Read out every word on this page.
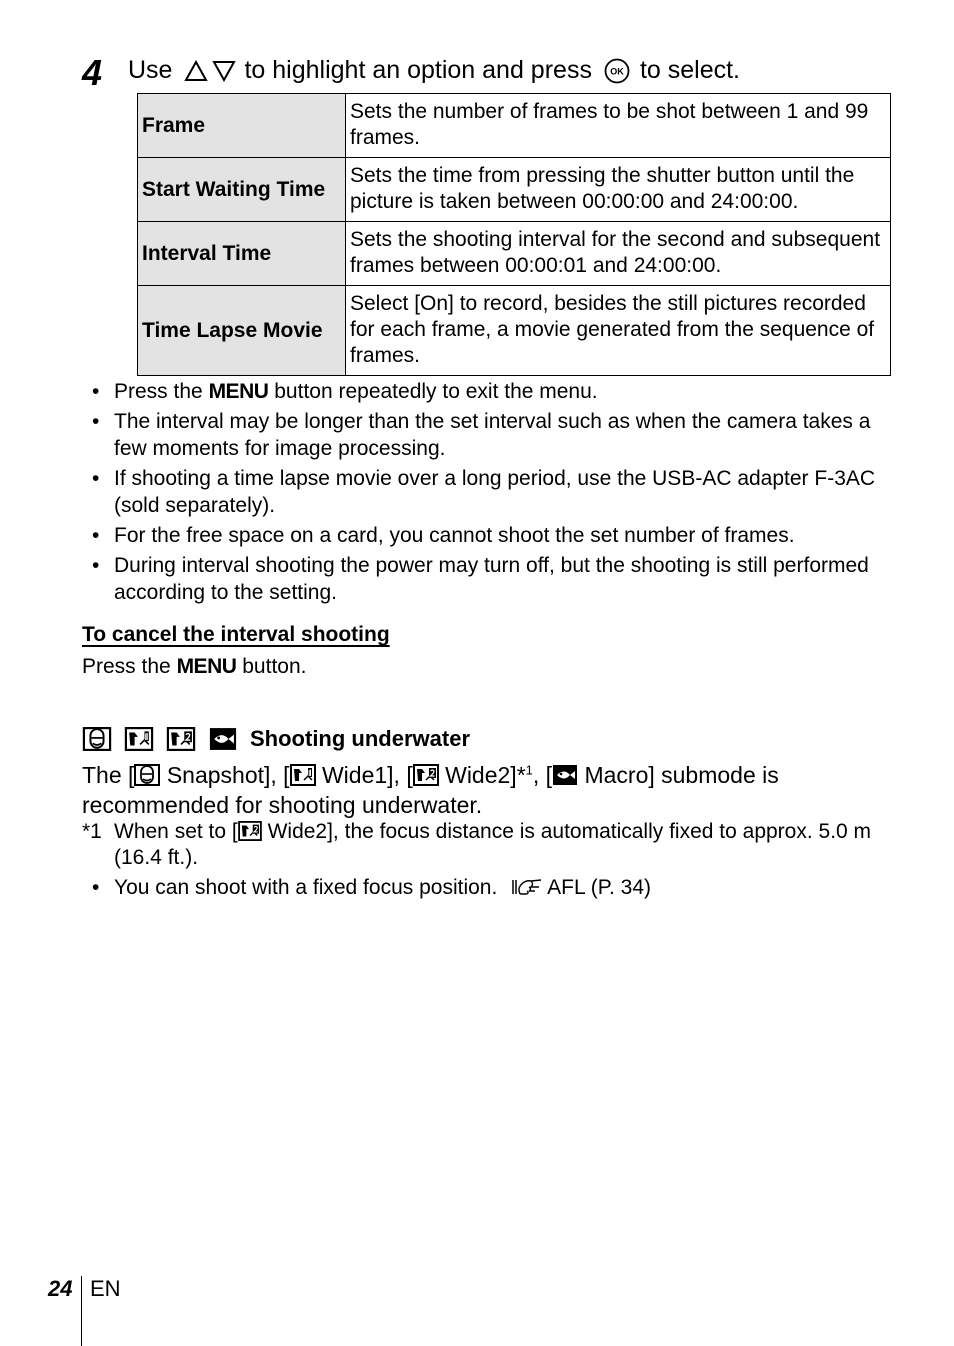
4 Use	to highlight an option and press OK to select.
Frame	Sets the number of frames to be shot between 1 and 99 frames.
Start Waiting Time	Sets the time from pressing the shutter button until the picture is taken between 00:00:00 and 24:00:00.
Interval Time	Sets the shooting interval for the second and subsequent frames between 00:00:01 and 24:00:00.
Time Lapse Movie	Select [On] to record, besides the still pictures recorded for each frame, a movie generated from the sequence of frames.
• Press the MENU button repeatedly to exit the menu.
• The interval may be longer than the set interval such as when the camera takes a few moments for image processing.
• If shooting a time lapse movie over a long period, use the USB-AC adapter F-3AC (sold separately).
• For the free space on a card, you cannot shoot the set number of frames.
• During interval shooting the power may turn off, but the shooting is still performed according to the setting.
To cancel the interval shooting
Press the MENU button.
Shooting underwater
The [ Snapshot], [ Wide1], [ Wide2]*$^1$, [ Macro] submode is recommended for shooting underwater.
*1 When set to [ Wide2], the focus distance is automatically fixed to approx. 5.0 m (16.4 ft.).
• You can shoot with a fixed focus position. AFL (P. 34)
24 EN
